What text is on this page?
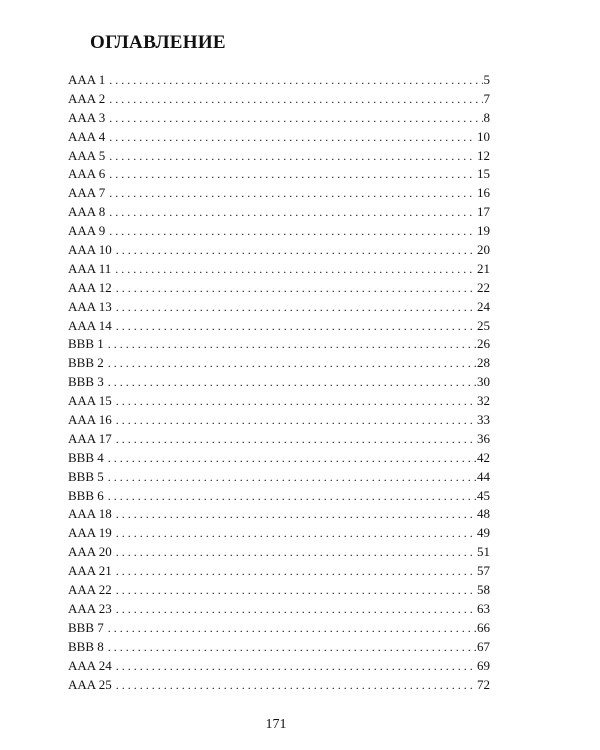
ОГЛАВЛЕНИЕ
AAA 1 . . .	5
AAA 2 . . .	7
AAA 3 . . .	8
AAA 4 . . .	10
AAA 5 . . .	12
AAA 6 . . .	15
AAA 7 . . .	16
AAA 8 . . .	17
AAA 9 . . .	19
AAA 10 . . .	20
AAA 11 . . .	21
AAA 12 . . .	22
AAA 13 . . .	24
AAA 14 . . .	25
BBB 1 . . .	26
BBB 2 . . .	28
BBB 3 . . .	30
AAA 15 . . .	32
AAA 16 . . .	33
AAA 17 . . .	36
BBB 4 . . .	42
BBB 5 . . .	44
BBB 6 . . .	45
AAA 18 . . .	48
AAA 19 . . .	49
AAA 20 . . .	51
AAA 21 . . .	57
AAA 22 . . .	58
AAA 23 . . .	63
BBB 7 . . .	66
BBB 8 . . .	67
AAA 24 . . .	69
AAA 25 . . .	72
171
